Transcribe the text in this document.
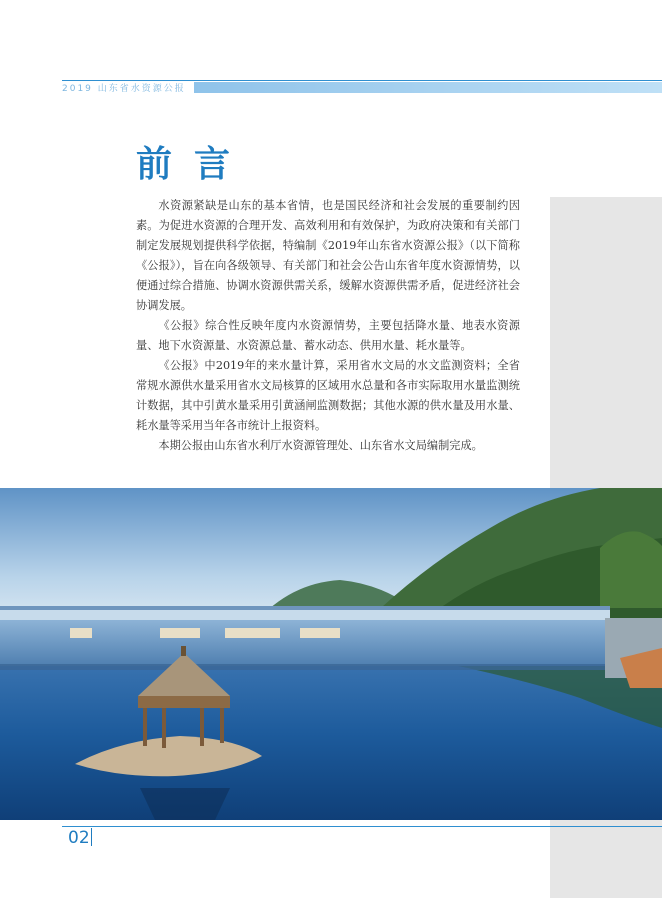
2019 山东省水资源公报
前言

水资源紧缺是山东的基本省情，也是国民经济和社会发展的重要制约因素。为促进水资源的合理开发、高效利用和有效保护，为政府决策和有关部门制定发展规划提供科学依据，特编制《2019年山东省水资源公报》（以下简称《公报》），旨在向各级领导、有关部门和社会公告山东省年度水资源情势，以便通过综合措施、协调水资源供需关系，缓解水资源供需矛盾，促进经济社会协调发展。

《公报》综合性反映年度内水资源情势，主要包括降水量、地表水资源量、地下水资源量、水资源总量、蓄水动态、供用水量、耗水量等。

《公报》中2019年的来水量计算，采用省水文局的水文监测资料；全省常规水源供水量采用省水文局核算的区域用水总量和各市实际取用水量监测统计数据，其中引黄水量采用引黄涵闸监测数据；其他水源的供水量及用水量、耗水量等采用当年各市统计上报资料。

本期公报由山东省水利厅水资源管理处、山东省水文局编制完成。

02
